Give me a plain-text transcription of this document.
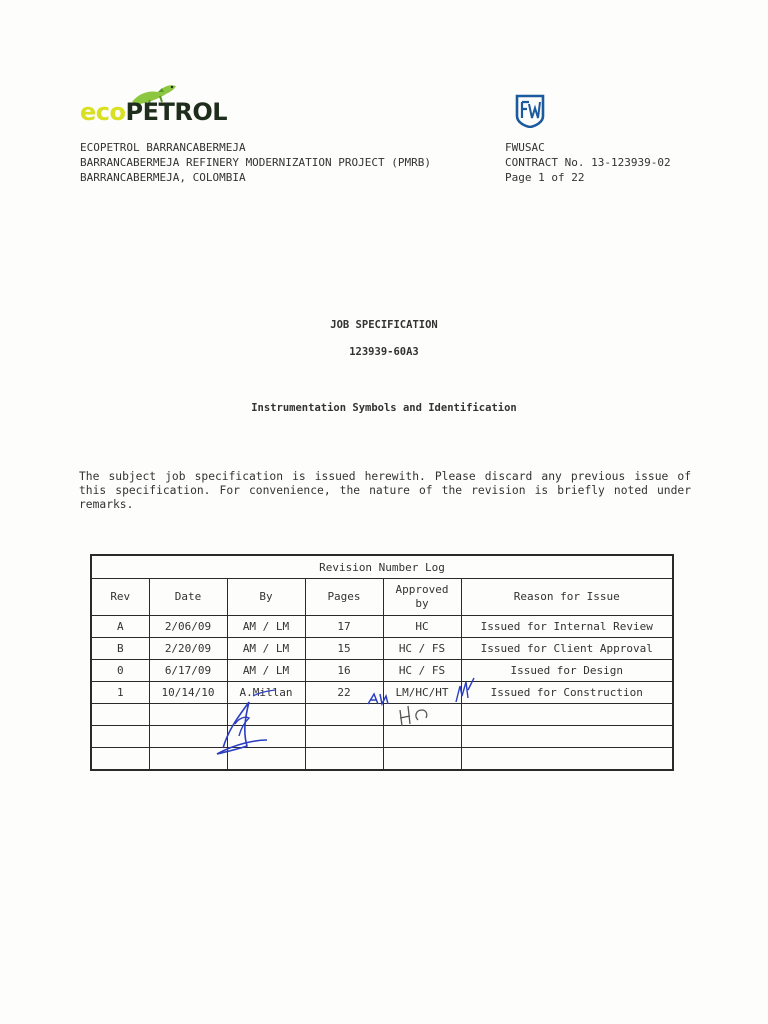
ecoPETROL
ECOPETROL BARRANCABERMEJA
BARRANCABERMEJA REFINERY MODERNIZATION PROJECT (PMRB)
BARRANCABERMEJA, COLOMBIA
FWUSAC
CONTRACT No. 13-123939-02
Page 1 of 22
JOB SPECIFICATION
123939-60A3
Instrumentation Symbols and Identification
The subject job specification is issued herewith. Please discard any previous issue of this specification. For convenience, the nature of the revision is briefly noted under remarks.
Revision Number Log					
Rev	Date	By	Pages	Approved by	Reason for Issue
A	2/06/09	AM / LM	17	HC	Issued for Internal Review
B	2/20/09	AM / LM	15	HC / FS	Issued for Client Approval
0	6/17/09	AM / LM	16	HC / FS	Issued for Design
1	10/14/10	A.Millan	22	LM/HC/HT	Issued for Construction
